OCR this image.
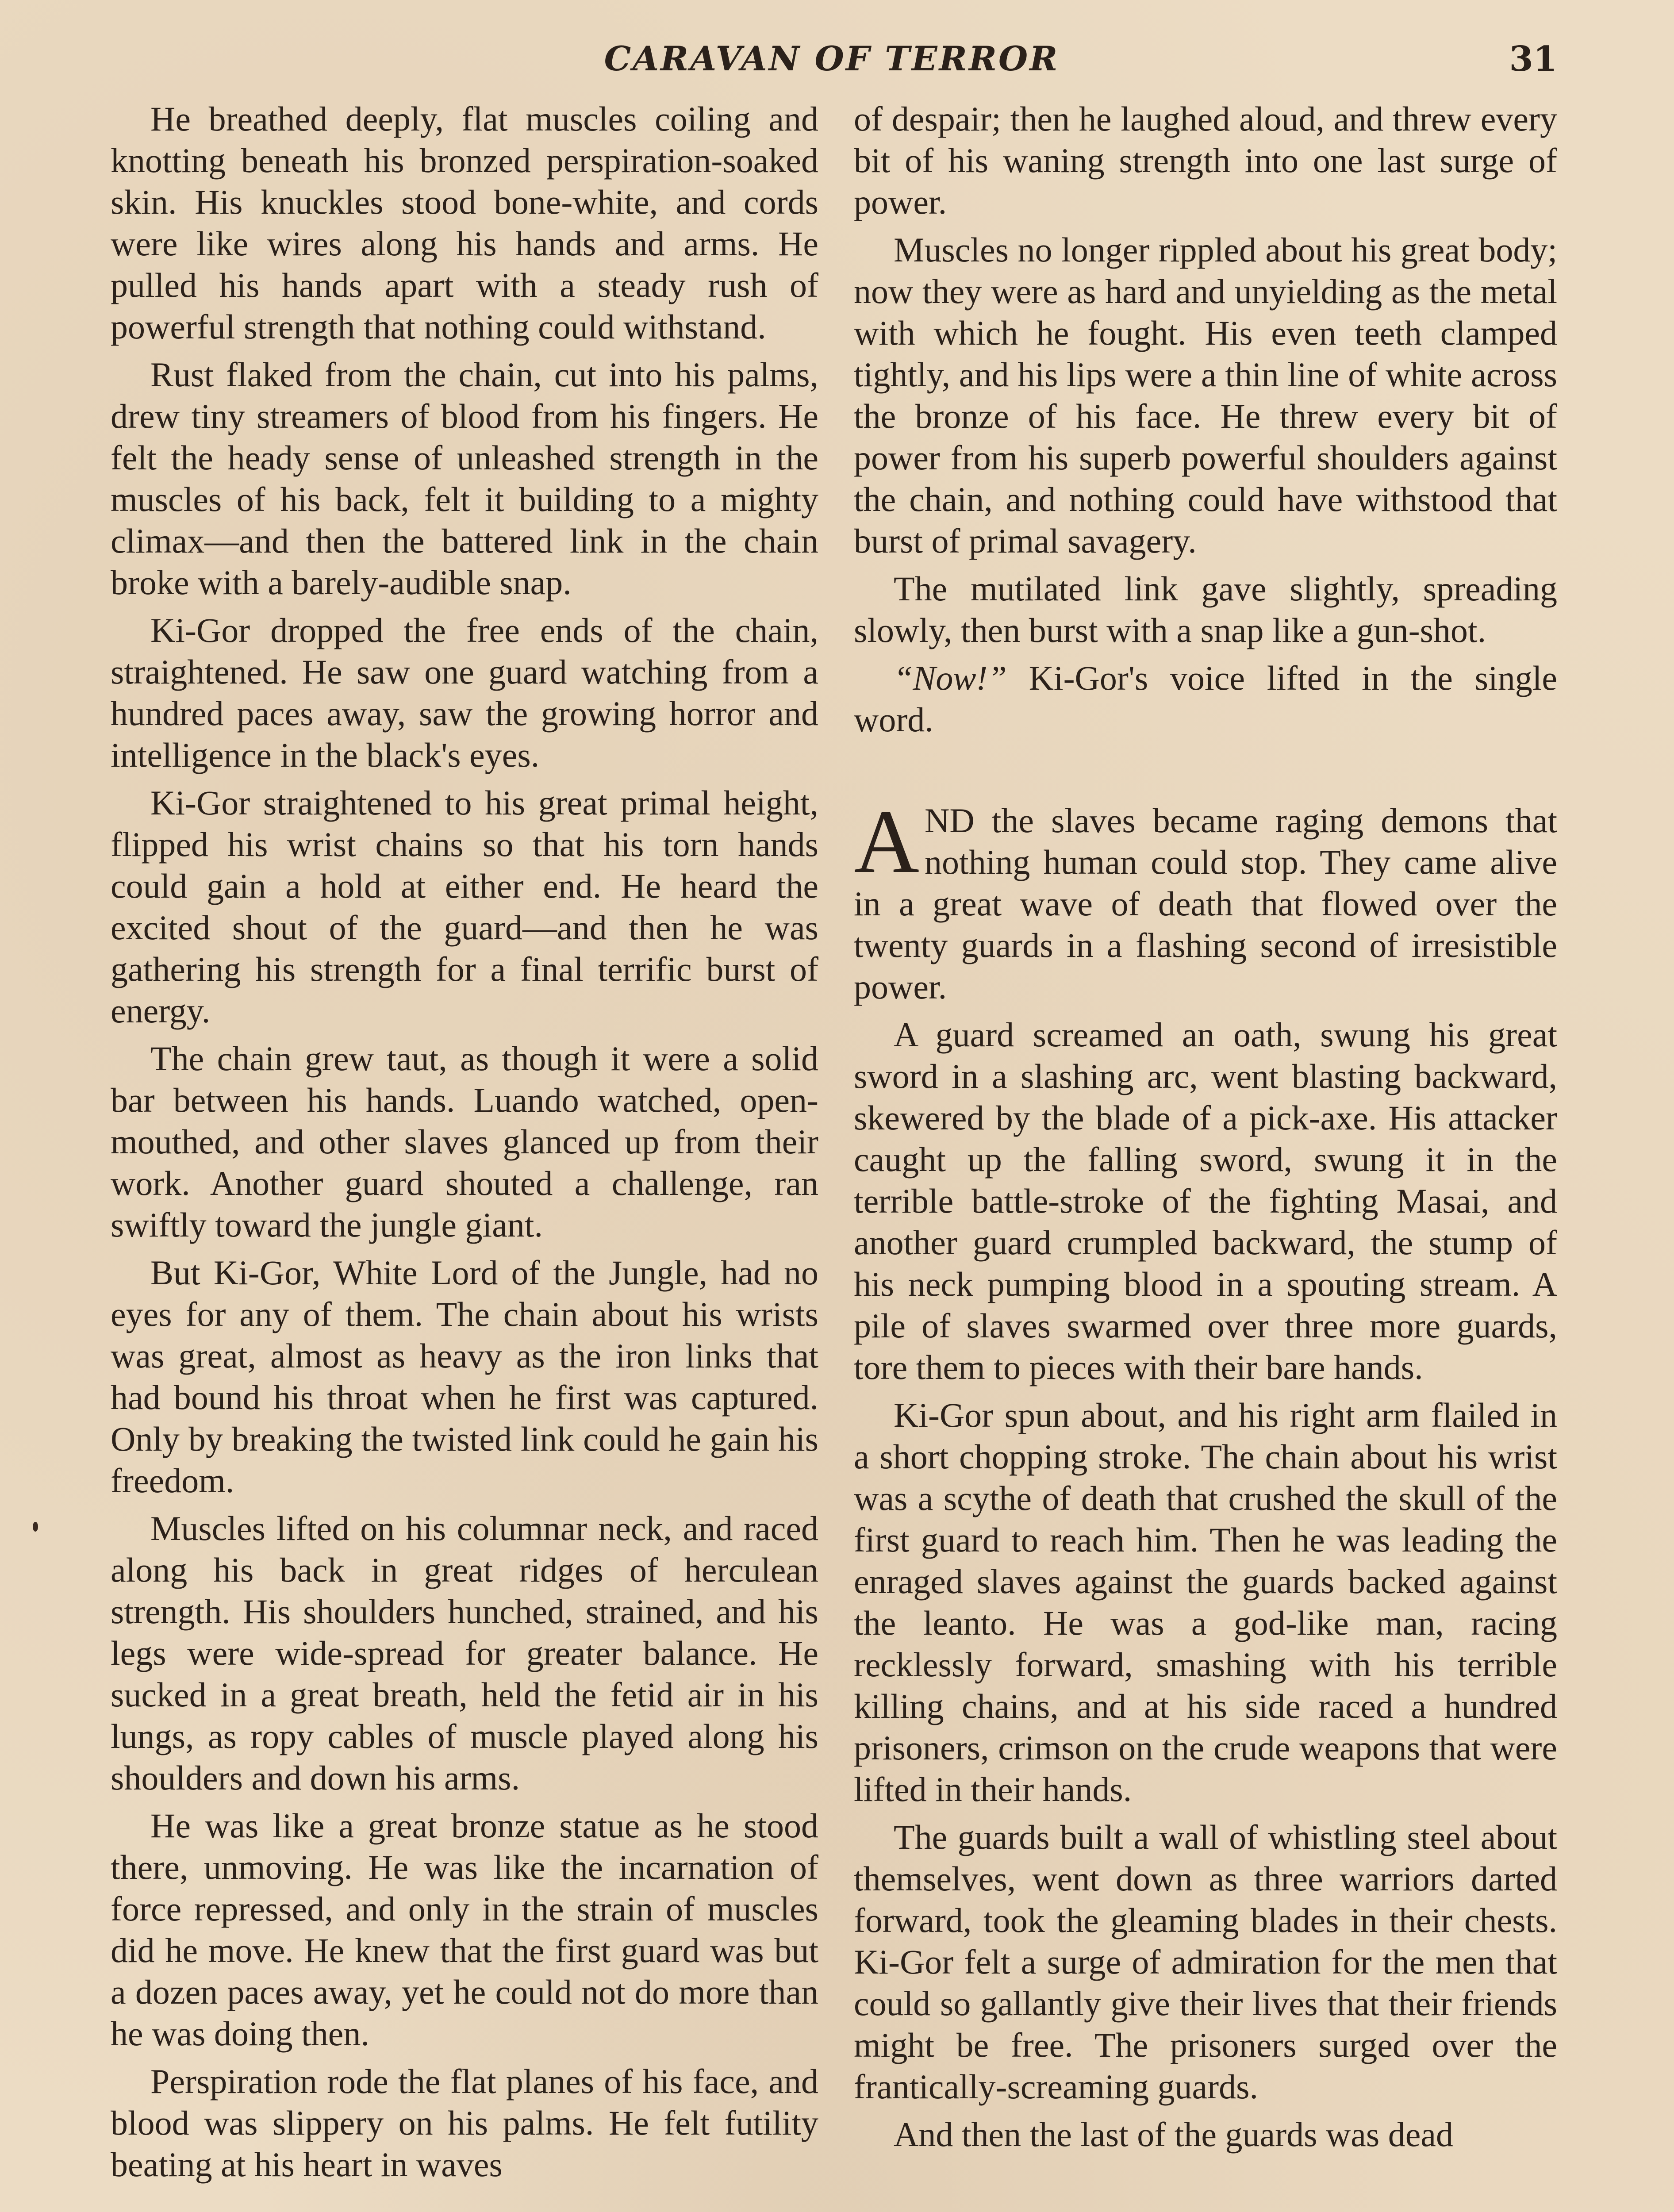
CARAVAN OF TERROR	31

He breathed deeply, flat muscles coiling and knotting beneath his bronzed perspiration-soaked skin. His knuckles stood bone-white, and cords were like wires along his hands and arms. He pulled his hands apart with a steady rush of powerful strength that nothing could withstand.

Rust flaked from the chain, cut into his palms, drew tiny streamers of blood from his fingers. He felt the heady sense of unleashed strength in the muscles of his back, felt it building to a mighty climax—and then the battered link in the chain broke with a barely-audible snap.

Ki-Gor dropped the free ends of the chain, straightened. He saw one guard watching from a hundred paces away, saw the growing horror and intelligence in the black's eyes.

Ki-Gor straightened to his great primal height, flipped his wrist chains so that his torn hands could gain a hold at either end. He heard the excited shout of the guard—and then he was gathering his strength for a final terrific burst of energy.

The chain grew taut, as though it were a solid bar between his hands. Luando watched, open-mouthed, and other slaves glanced up from their work. Another guard shouted a challenge, ran swiftly toward the jungle giant.

But Ki-Gor, White Lord of the Jungle, had no eyes for any of them. The chain about his wrists was great, almost as heavy as the iron links that had bound his throat when he first was captured. Only by breaking the twisted link could he gain his freedom.

Muscles lifted on his columnar neck, and raced along his back in great ridges of herculean strength. His shoulders hunched, strained, and his legs were wide-spread for greater balance. He sucked in a great breath, held the fetid air in his lungs, as ropy cables of muscle played along his shoulders and down his arms.

He was like a great bronze statue as he stood there, unmoving. He was like the incarnation of force repressed, and only in the strain of muscles did he move. He knew that the first guard was but a dozen paces away, yet he could not do more than he was doing then.

Perspiration rode the flat planes of his face, and blood was slippery on his palms. He felt futility beating at his heart in waves

of despair; then he laughed aloud, and threw every bit of his waning strength into one last surge of power.

Muscles no longer rippled about his great body; now they were as hard and unyielding as the metal with which he fought. His even teeth clamped tightly, and his lips were a thin line of white across the bronze of his face. He threw every bit of power from his superb powerful shoulders against the chain, and nothing could have withstood that burst of primal savagery.

The mutilated link gave slightly, spreading slowly, then burst with a snap like a gun-shot.

“Now!” Ki-Gor's voice lifted in the single word.

AND the slaves became raging demons that nothing human could stop. They came alive in a great wave of death that flowed over the twenty guards in a flashing second of irresistible power.

A guard screamed an oath, swung his great sword in a slashing arc, went blasting backward, skewered by the blade of a pick-axe. His attacker caught up the falling sword, swung it in the terrible battle-stroke of the fighting Masai, and another guard crumpled backward, the stump of his neck pumping blood in a spouting stream. A pile of slaves swarmed over three more guards, tore them to pieces with their bare hands.

Ki-Gor spun about, and his right arm flailed in a short chopping stroke. The chain about his wrist was a scythe of death that crushed the skull of the first guard to reach him. Then he was leading the enraged slaves against the guards backed against the leanto. He was a god-like man, racing recklessly forward, smashing with his terrible killing chains, and at his side raced a hundred prisoners, crimson on the crude weapons that were lifted in their hands.

The guards built a wall of whistling steel about themselves, went down as three warriors darted forward, took the gleaming blades in their chests. Ki-Gor felt a surge of admiration for the men that could so gallantly give their lives that their friends might be free. The prisoners surged over the frantically-screaming guards.

And then the last of the guards was dead
